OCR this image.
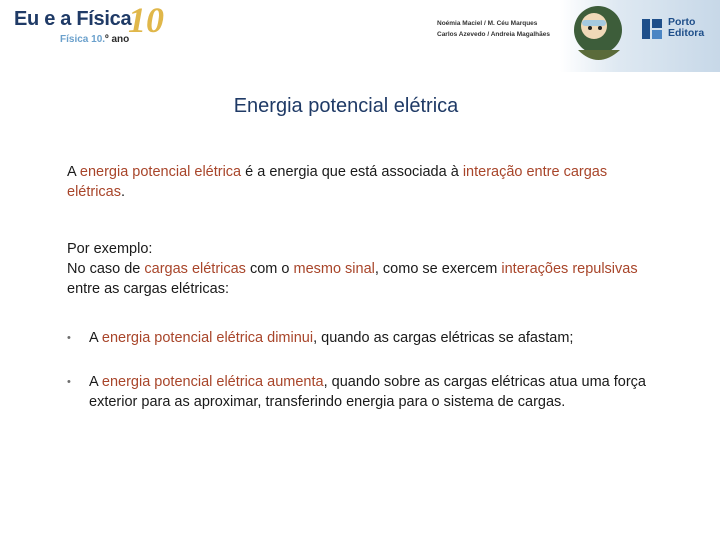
Eu e a Física
10
Física 10.º ano
Noémia Maciel / M. Céu Marques
Carlos Azevedo / Andreia Magalhães
Porto
Editora
Energia potencial elétrica
A energia potencial elétrica é a energia que está associada à interação entre cargas elétricas.
Por exemplo:
No caso de cargas elétricas com o mesmo sinal, como se exercem interações repulsivas entre as cargas elétricas:
• A energia potencial elétrica diminui, quando as cargas elétricas se afastam;
• A energia potencial elétrica aumenta, quando sobre as cargas elétricas atua uma força exterior para as aproximar, transferindo energia para o sistema de cargas.
